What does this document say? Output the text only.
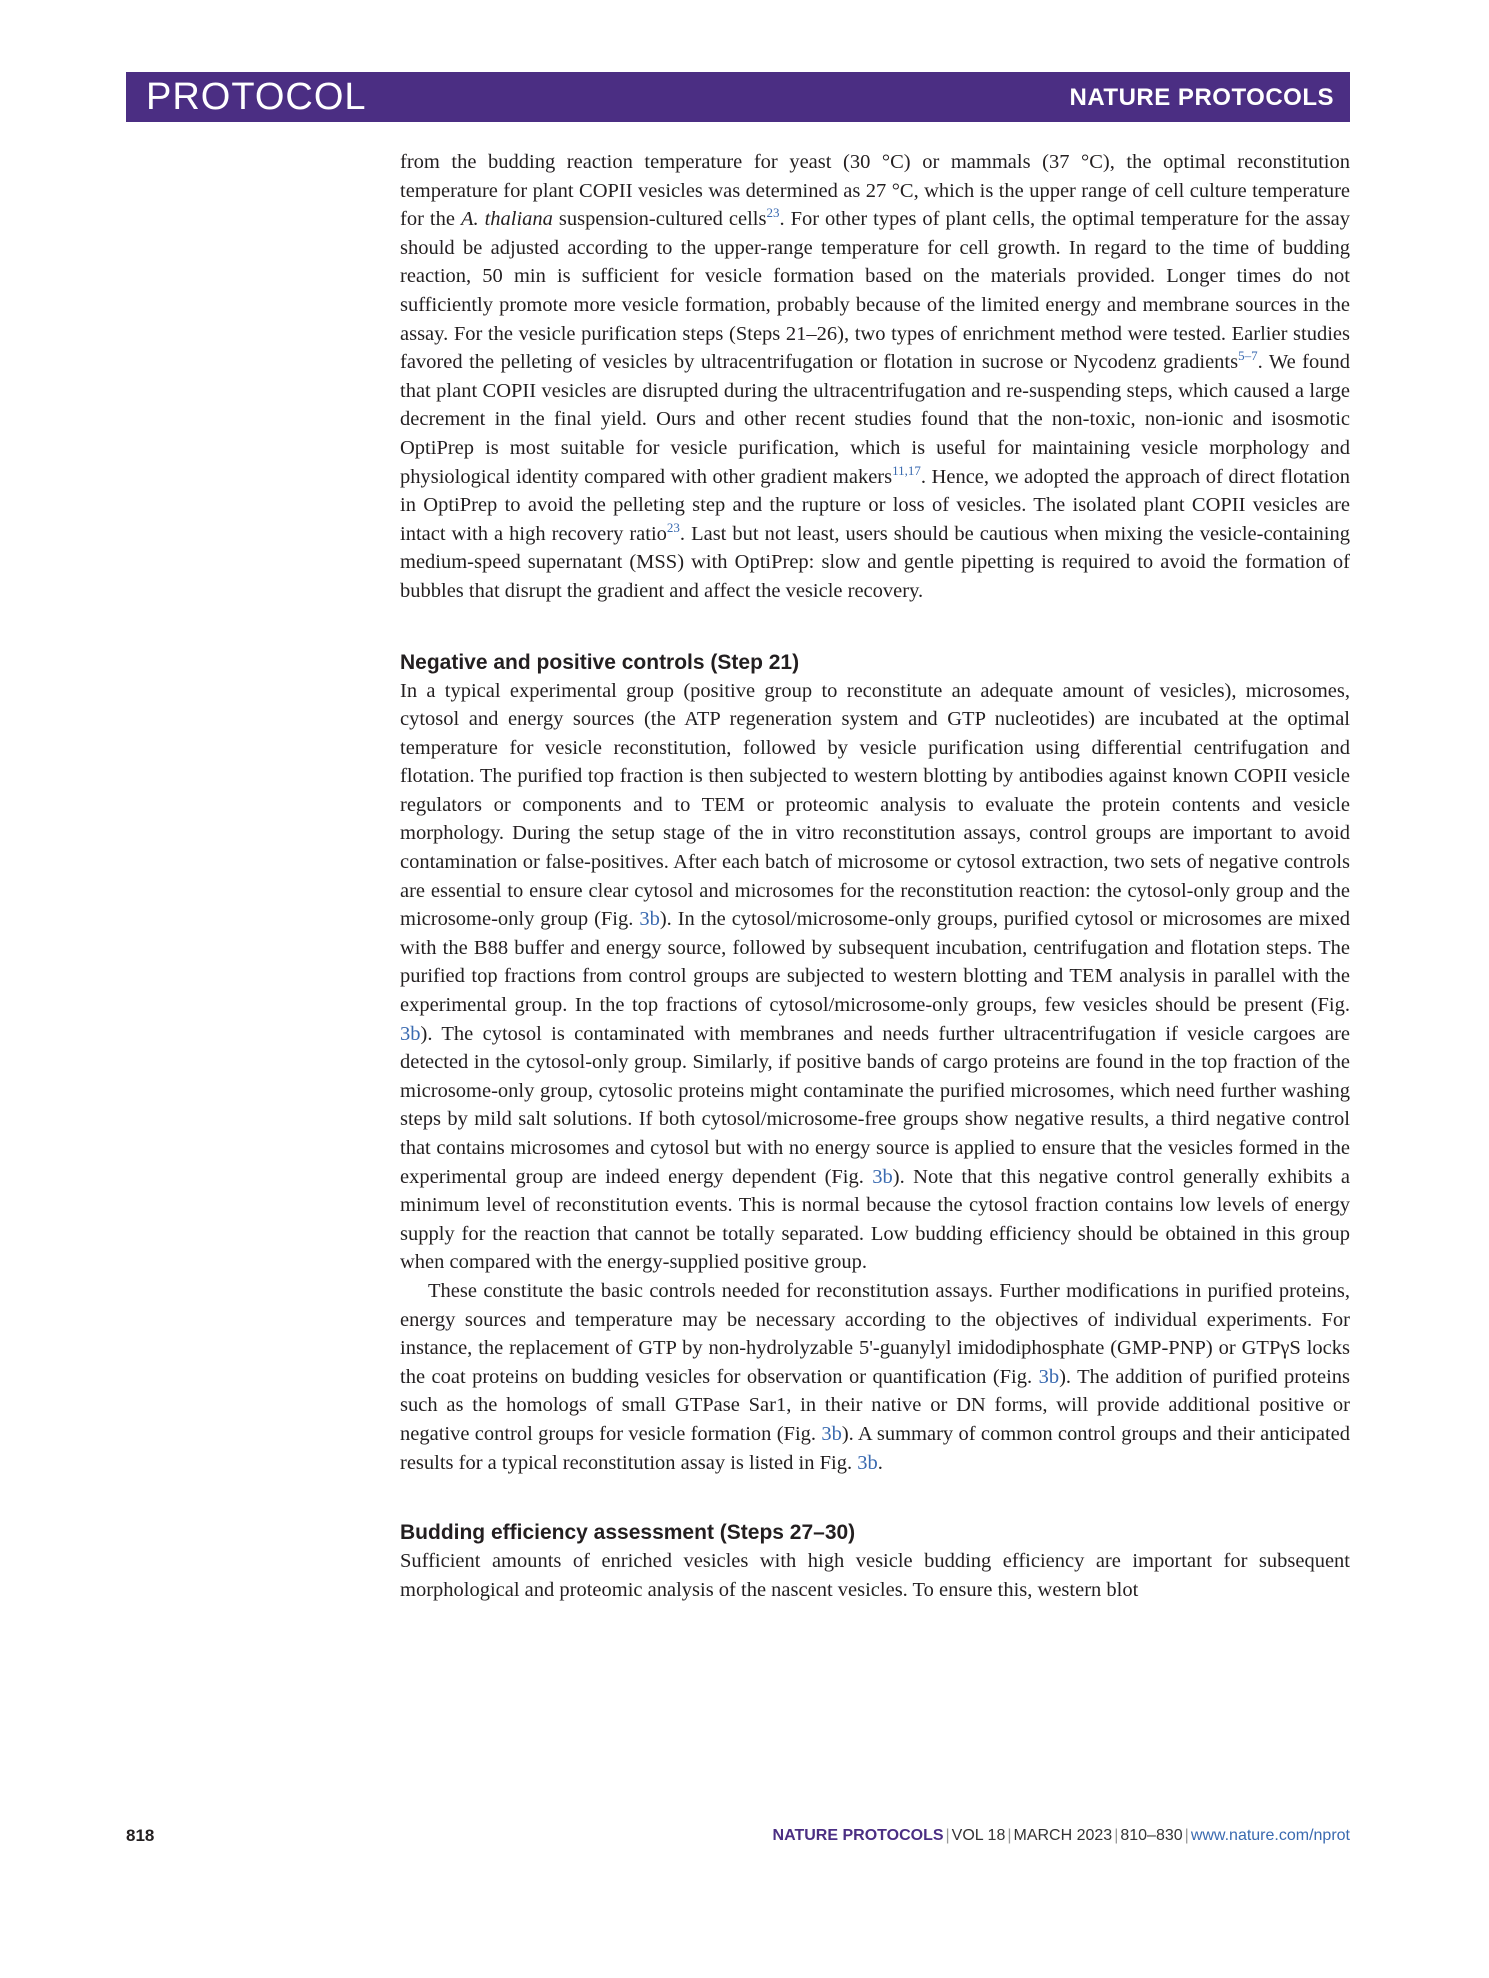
PROTOCOL	NATURE PROTOCOLS

from the budding reaction temperature for yeast (30 °C) or mammals (37 °C), the optimal reconstitution temperature for plant COPII vesicles was determined as 27 °C, which is the upper range of cell culture temperature for the A. thaliana suspension-cultured cells$^{23}$. For other types of plant cells, the optimal temperature for the assay should be adjusted according to the upper-range temperature for cell growth. In regard to the time of budding reaction, 50 min is sufficient for vesicle formation based on the materials provided. Longer times do not sufficiently promote more vesicle formation, probably because of the limited energy and membrane sources in the assay. For the vesicle purification steps (Steps 21–26), two types of enrichment method were tested. Earlier studies favored the pelleting of vesicles by ultracentrifugation or flotation in sucrose or Nycodenz gradients$^{5-7}$. We found that plant COPII vesicles are disrupted during the ultracentrifugation and re-suspending steps, which caused a large decrement in the final yield. Ours and other recent studies found that the non-toxic, non-ionic and isosmotic OptiPrep is most suitable for vesicle purification, which is useful for maintaining vesicle morphology and physiological identity compared with other gradient makers$^{11,17}$. Hence, we adopted the approach of direct flotation in OptiPrep to avoid the pelleting step and the rupture or loss of vesicles. The isolated plant COPII vesicles are intact with a high recovery ratio$^{23}$. Last but not least, users should be cautious when mixing the vesicle-containing medium-speed supernatant (MSS) with OptiPrep: slow and gentle pipetting is required to avoid the formation of bubbles that disrupt the gradient and affect the vesicle recovery.

Negative and positive controls (Step 21)

In a typical experimental group (positive group to reconstitute an adequate amount of vesicles), microsomes, cytosol and energy sources (the ATP regeneration system and GTP nucleotides) are incubated at the optimal temperature for vesicle reconstitution, followed by vesicle purification using differential centrifugation and flotation. The purified top fraction is then subjected to western blotting by antibodies against known COPII vesicle regulators or components and to TEM or proteomic analysis to evaluate the protein contents and vesicle morphology. During the setup stage of the in vitro reconstitution assays, control groups are important to avoid contamination or false-positives. After each batch of microsome or cytosol extraction, two sets of negative controls are essential to ensure clear cytosol and microsomes for the reconstitution reaction: the cytosol-only group and the microsome-only group (Fig. 3b). In the cytosol/microsome-only groups, purified cytosol or microsomes are mixed with the B88 buffer and energy source, followed by subsequent incubation, centrifugation and flotation steps. The purified top fractions from control groups are subjected to western blotting and TEM analysis in parallel with the experimental group. In the top fractions of cytosol/microsome-only groups, few vesicles should be present (Fig. 3b). The cytosol is contaminated with membranes and needs further ultracentrifugation if vesicle cargoes are detected in the cytosol-only group. Similarly, if positive bands of cargo proteins are found in the top fraction of the microsome-only group, cytosolic proteins might contaminate the purified microsomes, which need further washing steps by mild salt solutions. If both cytosol/microsome-free groups show negative results, a third negative control that contains microsomes and cytosol but with no energy source is applied to ensure that the vesicles formed in the experimental group are indeed energy dependent (Fig. 3b). Note that this negative control generally exhibits a minimum level of reconstitution events. This is normal because the cytosol fraction contains low levels of energy supply for the reaction that cannot be totally separated. Low budding efficiency should be obtained in this group when compared with the energy-supplied positive group.

These constitute the basic controls needed for reconstitution assays. Further modifications in purified proteins, energy sources and temperature may be necessary according to the objectives of individual experiments. For instance, the replacement of GTP by non-hydrolyzable 5'-guanylyl imidodiphosphate (GMP-PNP) or GTPγS locks the coat proteins on budding vesicles for observation or quantification (Fig. 3b). The addition of purified proteins such as the homologs of small GTPase Sar1, in their native or DN forms, will provide additional positive or negative control groups for vesicle formation (Fig. 3b). A summary of common control groups and their anticipated results for a typical reconstitution assay is listed in Fig. 3b.

Budding efficiency assessment (Steps 27–30)

Sufficient amounts of enriched vesicles with high vesicle budding efficiency are important for subsequent morphological and proteomic analysis of the nascent vesicles. To ensure this, western blot

818	NATURE PROTOCOLS | VOL 18 | MARCH 2023 | 810–830 | www.nature.com/nprot
